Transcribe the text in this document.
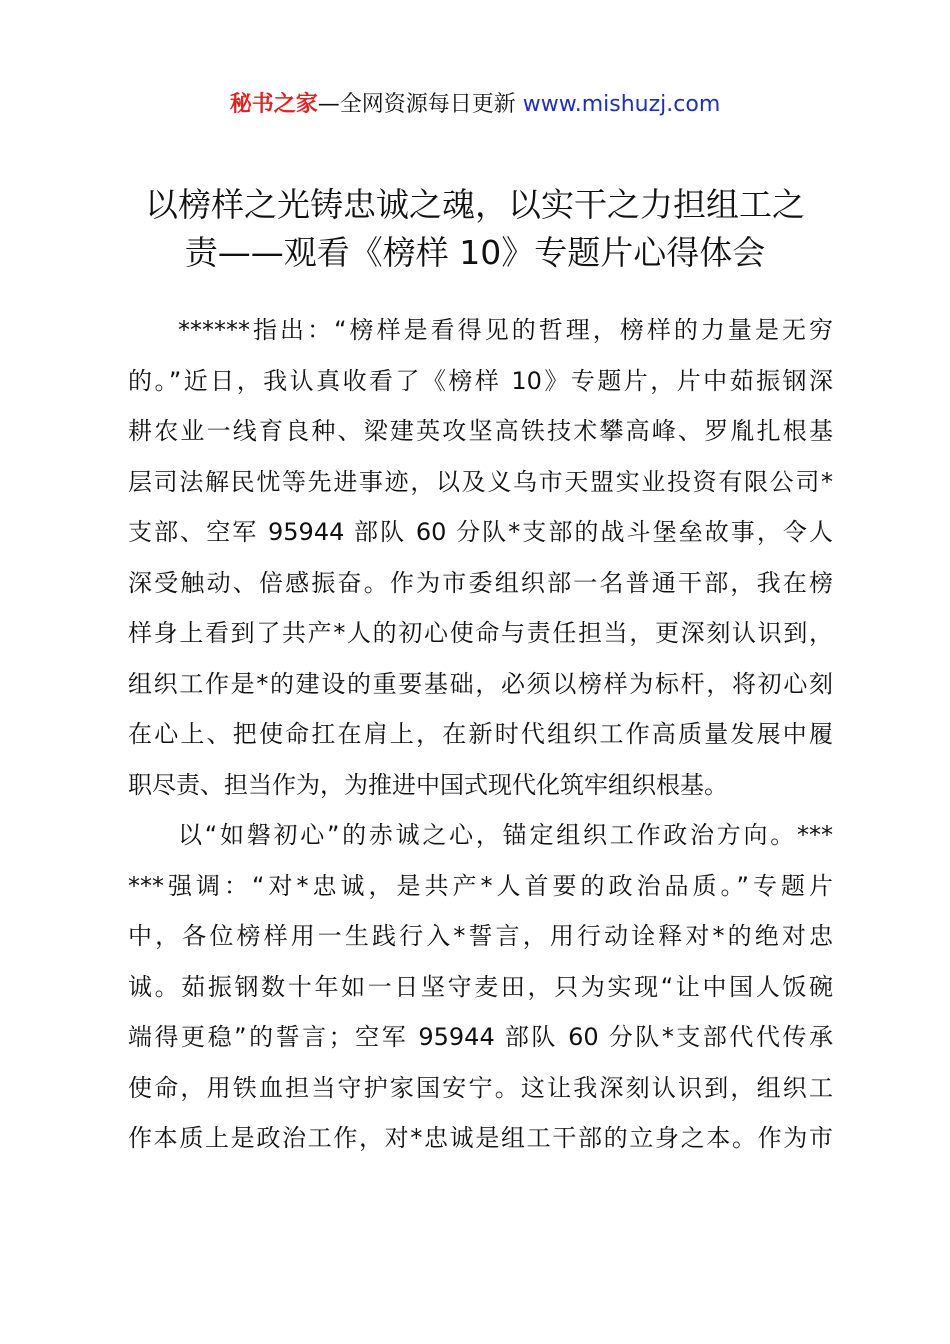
秘书之家—全网资源每日更新 www.mishuzj.com
以榜样之光铸忠诚之魂，以实干之力担组工之
责——观看《榜样 10》专题片心得体会
******指出：“榜样是看得见的哲理，榜样的力量是无穷
的。”近日，我认真收看了《榜样 10》专题片，片中茹振钢深
耕农业一线育良种、梁建英攻坚高铁技术攀高峰、罗胤扎根基
层司法解民忧等先进事迹，以及义乌市天盟实业投资有限公司*
支部、空军 95944 部队 60 分队*支部的战斗堡垒故事，令人
深受触动、倍感振奋。作为市委组织部一名普通干部，我在榜
样身上看到了共产*人的初心使命与责任担当，更深刻认识到，
组织工作是*的建设的重要基础，必须以榜样为标杆，将初心刻
在心上、把使命扛在肩上，在新时代组织工作高质量发展中履
职尽责、担当作为，为推进中国式现代化筑牢组织根基。
以“如磐初心”的赤诚之心，锚定组织工作政治方向。***
***强调：“对*忠诚，是共产*人首要的政治品质。”专题片
中，各位榜样用一生践行入*誓言，用行动诠释对*的绝对忠
诚。茹振钢数十年如一日坚守麦田，只为实现“让中国人饭碗
端得更稳”的誓言；空军 95944 部队 60 分队*支部代代传承
使命，用铁血担当守护家国安宁。这让我深刻认识到，组织工
作本质上是政治工作，对*忠诚是组工干部的立身之本。作为市
